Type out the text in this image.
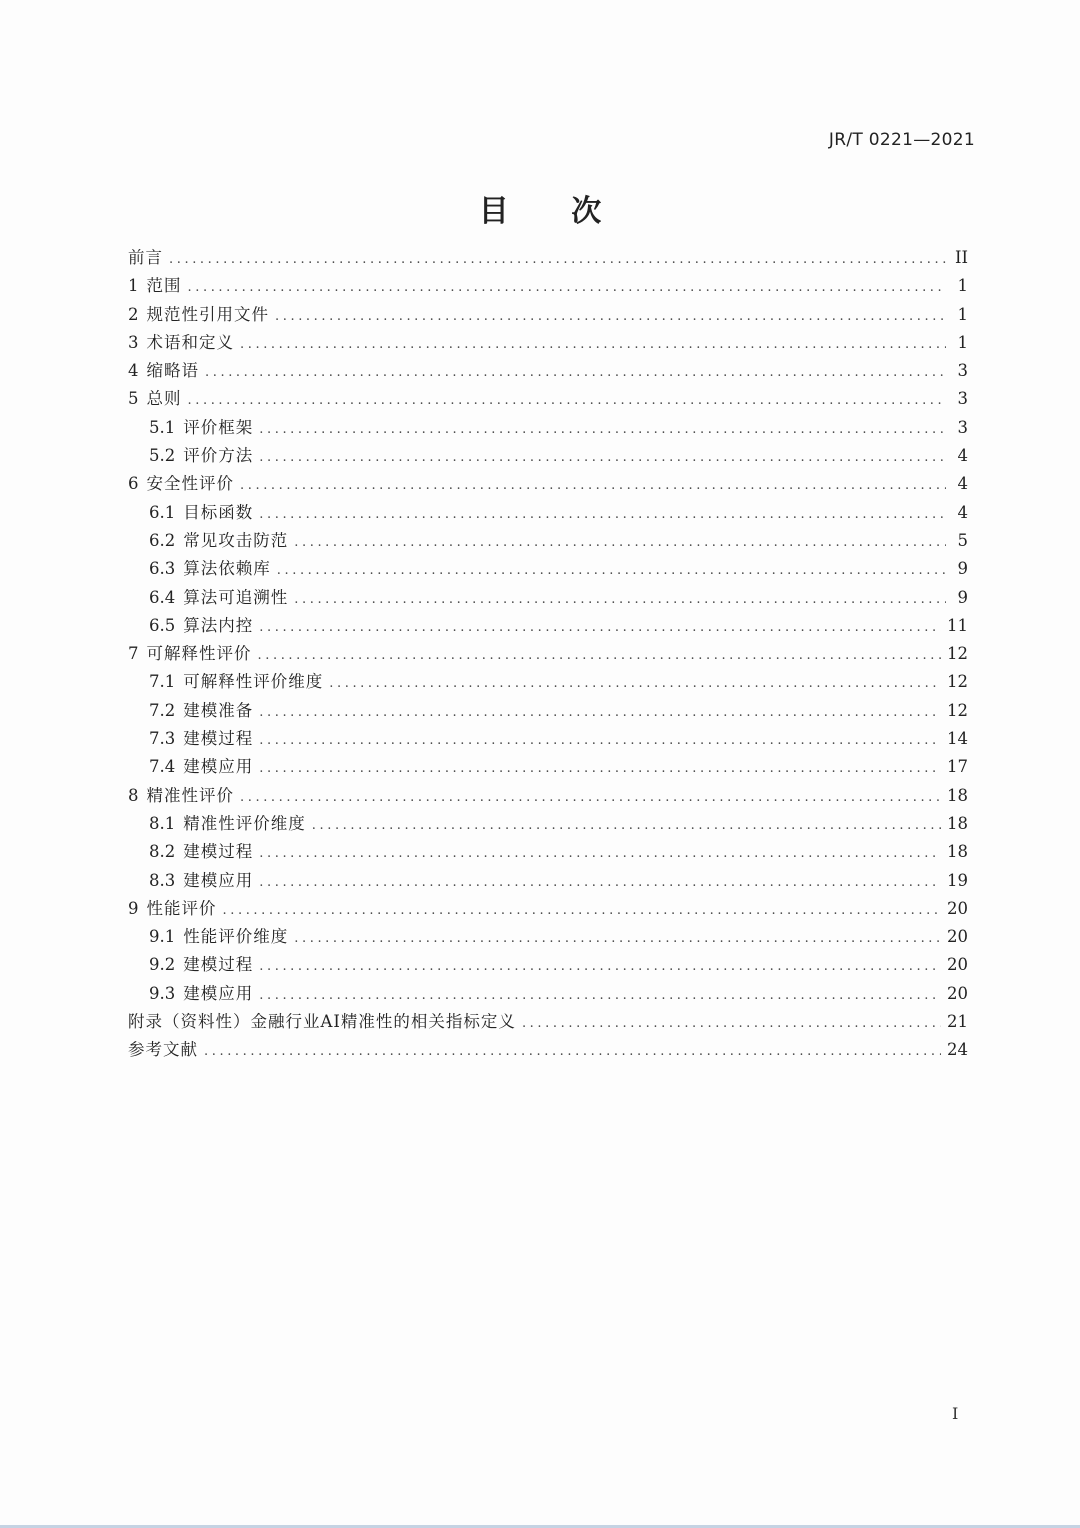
JR/T 0221—2021
目 次
前言 .....	II
1 范围 .....	1
2 规范性引用文件 .....	1
3 术语和定义 .....	1
4 缩略语 .....	3
5 总则 .....	3
5.1 评价框架 .....	3
5.2 评价方法 .....	4
6 安全性评价 .....	4
6.1 目标函数 .....	4
6.2 常见攻击防范 .....	5
6.3 算法依赖库 .....	9
6.4 算法可追溯性 .....	9
6.5 算法内控 .....	11
7 可解释性评价 .....	12
7.1 可解释性评价维度 .....	12
7.2 建模准备 .....	12
7.3 建模过程 .....	14
7.4 建模应用 .....	17
8 精准性评价 .....	18
8.1 精准性评价维度 .....	18
8.2 建模过程 .....	18
8.3 建模应用 .....	19
9 性能评价 .....	20
9.1 性能评价维度 .....	20
9.2 建模过程 .....	20
9.3 建模应用 .....	20
附录（资料性）金融行业AI精准性的相关指标定义 .....	21
参考文献 .....	24
I
